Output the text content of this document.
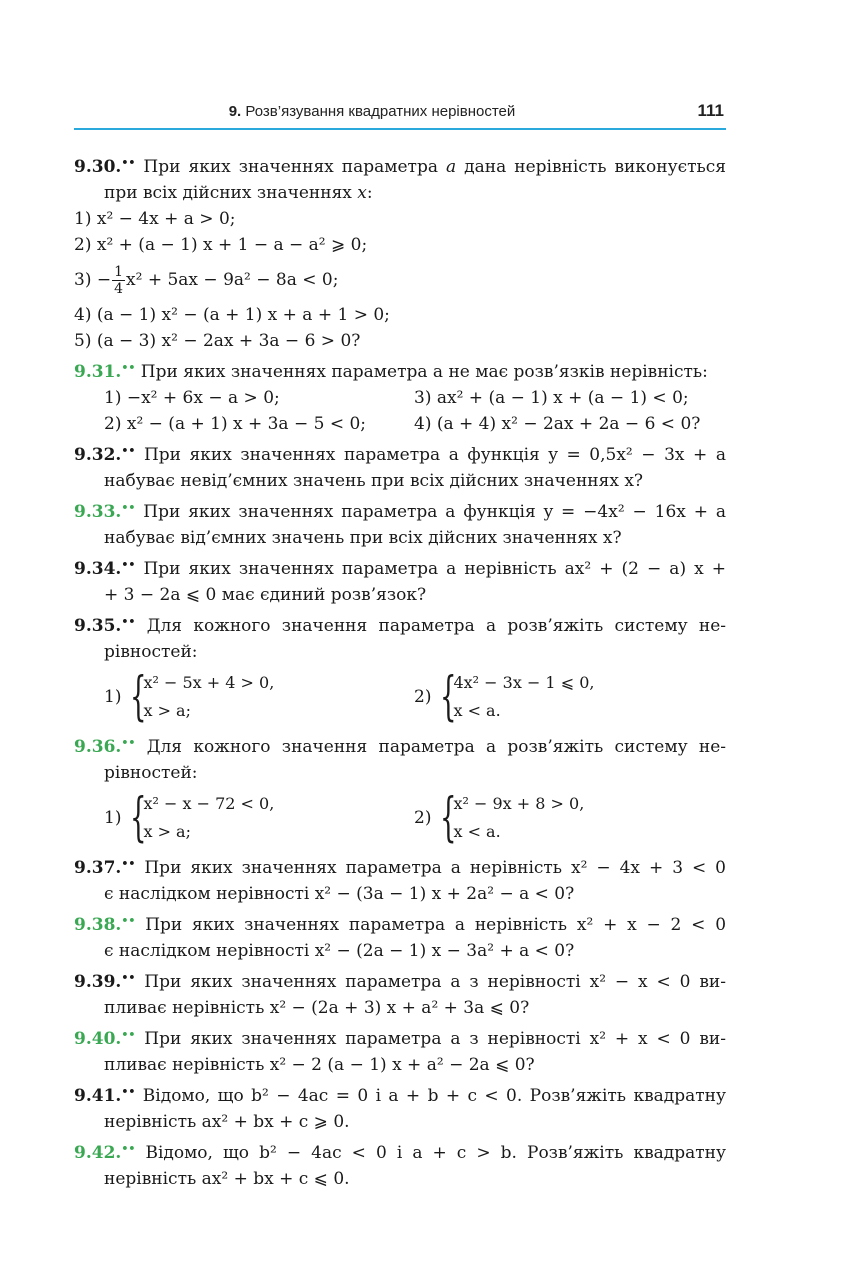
9. Розв’язування квадратних нерівностей	111

9.30.•• При яких значеннях параметра a дана нерівність виконується

при всіх дійсних значеннях x:

1) x² − 4x + a > 0;

2) x² + (a − 1) x + 1 − a − a² ⩾ 0;

$3) - \frac{1}{4} x^2 + 5ax - 9a^2 - 8a < 0$;

4) (a − 1) x² − (a + 1) x + a + 1 > 0;

5) (a − 3) x² − 2ax + 3a − 6 > 0?

9.31.•• При яких значеннях параметра a не має розв’язків нерівність:

1) −x² + 6x − a > 0;	3) ax² + (a − 1) x + (a − 1) < 0;
2) x² − (a + 1) x + 3a − 5 < 0;	4) (a + 4) x² − 2ax + 2a − 6 < 0?

9.32.•• При яких значеннях параметра a функція y = 0,5x² − 3x + a

набуває невід’ємних значень при всіх дійсних значеннях x?

9.33.•• При яких значеннях параметра a функція y = −4x² − 16x + a

набуває від’ємних значень при всіх дійсних значеннях x?

9.34.•• При яких значеннях параметра a нерівність ax² + (2 − a) x +

+ 3 − 2a ⩽ 0 має єдиний розв’язок?

9.35.•• Для кожного значення параметра a розв’яжіть систему не-

рівностей:

1) {
x² − 5x + 4 > 0,
x > a;
2) {
4x² − 3x − 1 ⩽ 0,
x < a.

9.36.•• Для кожного значення параметра a розв’яжіть систему не-

рівностей:

1) {
x² − x − 72 < 0,
x > a;
2) {
x² − 9x + 8 > 0,
x < a.

9.37.•• При яких значеннях параметра a нерівність x² − 4x + 3 < 0

є наслідком нерівності x² − (3a − 1) x + 2a² − a < 0?

9.38.•• При яких значеннях параметра a нерівність x² + x − 2 < 0

є наслідком нерівності x² − (2a − 1) x − 3a² + a < 0?

9.39.•• При яких значеннях параметра a з нерівності x² − x < 0 ви-

пливає нерівність x² − (2a + 3) x + a² + 3a ⩽ 0?

9.40.•• При яких значеннях параметра a з нерівності x² + x < 0 ви-

пливає нерівність x² − 2 (a − 1) x + a² − 2a ⩽ 0?

9.41.•• Відомо, що b² − 4ac = 0 і a + b + c < 0. Розв’яжіть квадратну

нерівність ax² + bx + c ⩾ 0.

9.42.•• Відомо, що b² − 4ac < 0 і a + c > b. Розв’яжіть квадратну

нерівність ax² + bx + c ⩽ 0.
